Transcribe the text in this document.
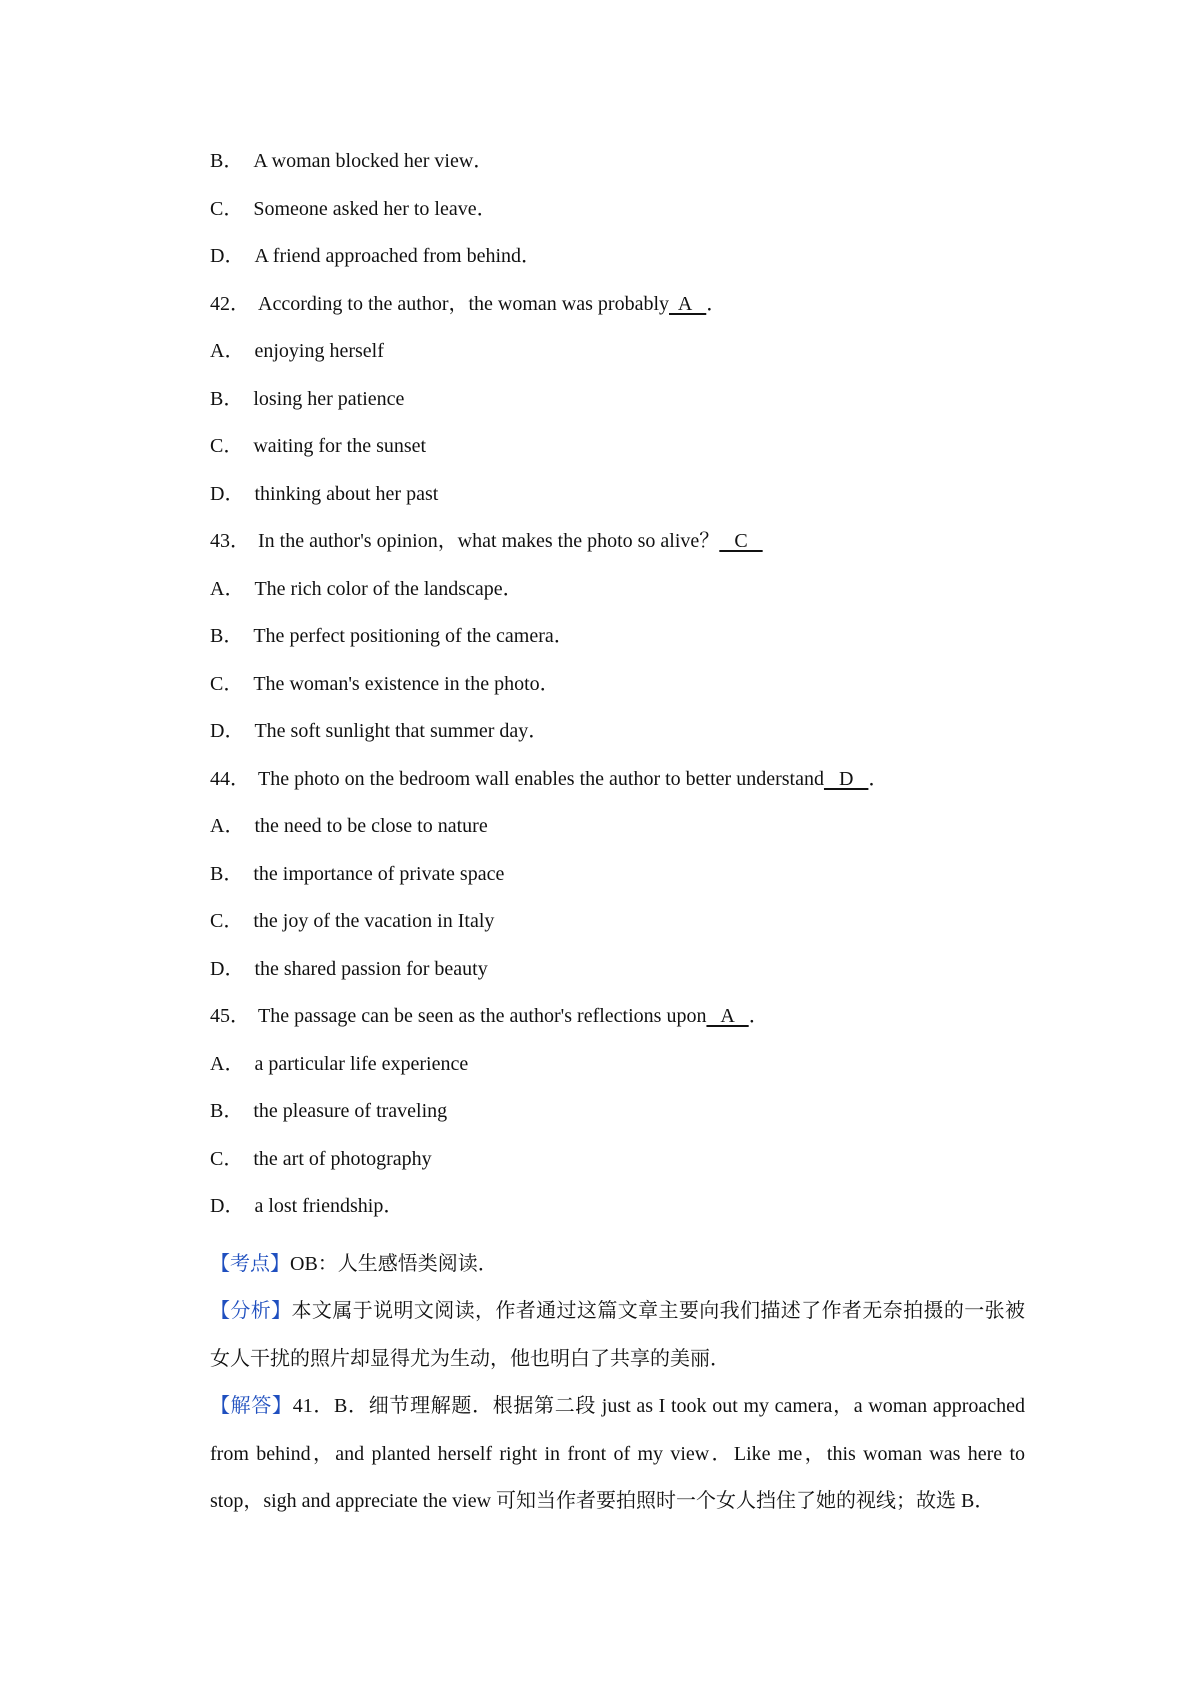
B． A woman blocked her view．
C． Someone asked her to leave．
D． A friend approached from behind．
42． According to the author，the woman was probably  A   ．
A． enjoying herself
B． losing her patience
C． waiting for the sunset
D． thinking about her past
43． In the author's opinion，what makes the photo so alive？   C
A． The rich color of the landscape．
B． The perfect positioning of the camera．
C． The woman's existence in the photo．
D． The soft sunlight that summer day．
44． The photo on the bedroom wall enables the author to better understand   D   ．
A． the need to be close to nature
B． the importance of private space
C． the joy of the vacation in Italy
D． the shared passion for beauty
45． The passage can be seen as the author's reflections upon   A   ．
A． a particular life experience
B． the pleasure of traveling
C． the art of photography
D． a lost friendship．
【考点】OB：人生感悟类阅读．
【分析】本文属于说明文阅读，作者通过这篇文章主要向我们描述了作者无奈拍摄的一张被女人干扰的照片却显得尤为生动，他也明白了共享的美丽．
【解答】41．B．细节理解题．根据第二段 just as I took out my camera，a woman approached from behind，and planted herself right in front of my view．Like me，this woman was here to stop，sigh and appreciate the view 可知当作者要拍照时一个女人挡住了她的视线；故选 B．
